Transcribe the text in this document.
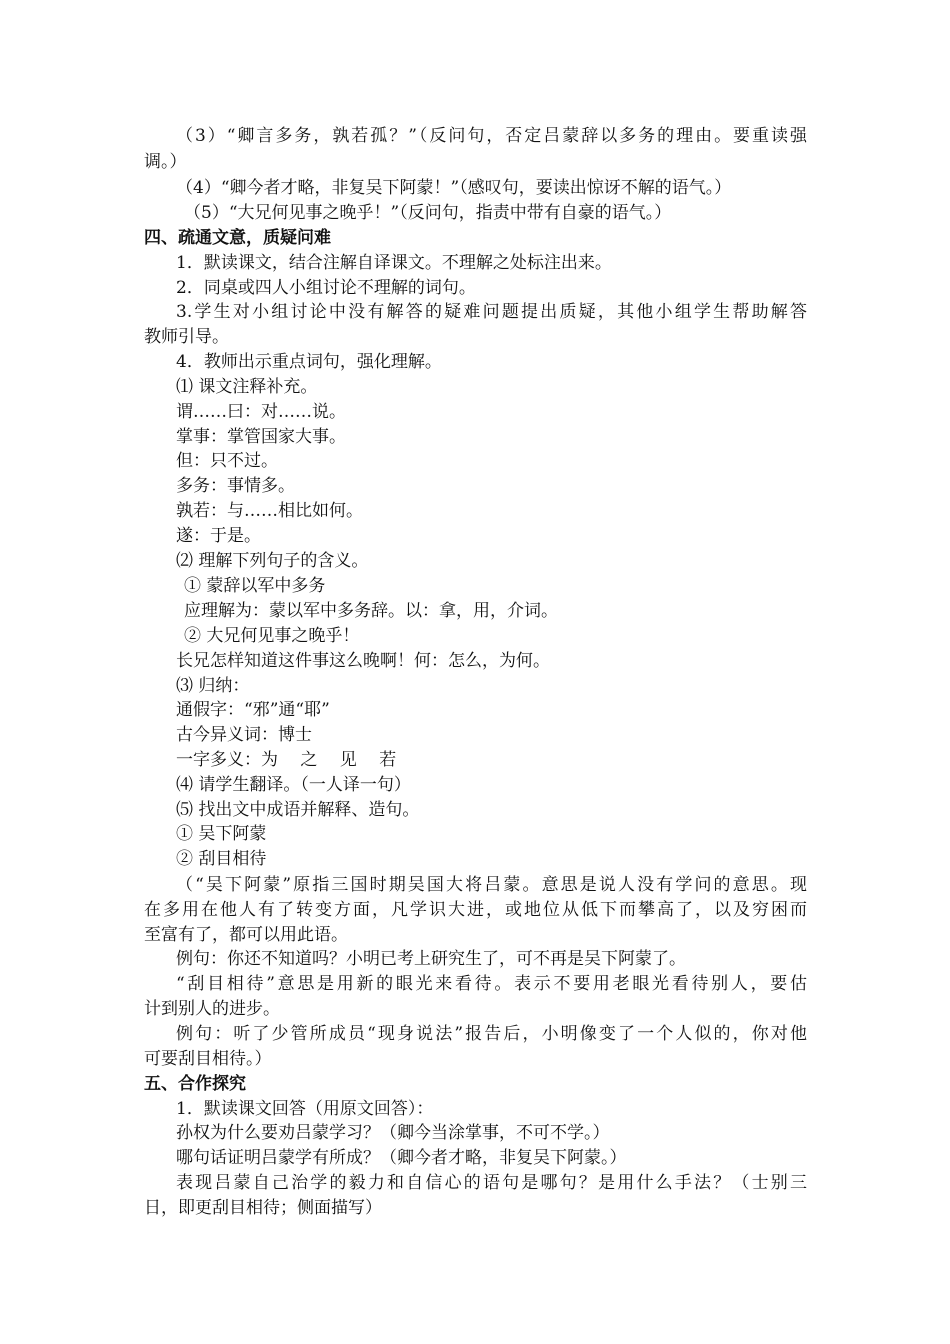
（3）“卿言多务，孰若孤？”（反问句，否定吕蒙辞以多务的理由。要重读强
调。）
（4）“卿今者才略，非复吴下阿蒙！”（感叹句，要读出惊讶不解的语气。）
（5）“大兄何见事之晚乎！”（反问句，指责中带有自豪的语气。）
四、疏通文意，质疑问难
1．默读课文，结合注解自译课文。不理解之处标注出来。
2．同桌或四人小组讨论不理解的词句。
3.学生对小组讨论中没有解答的疑难问题提出质疑，其他小组学生帮助解答
教师引导。
4．教师出示重点词句，强化理解。
⑴ 课文注释补充。
谓……曰：对……说。
掌事：掌管国家大事。
但：只不过。
多务：事情多。
孰若：与……相比如何。
遂：于是。
⑵ 理解下列句子的含义。
① 蒙辞以军中多务
应理解为：蒙以军中多务辞。以：拿，用，介词。
② 大兄何见事之晚乎！
长兄怎样知道这件事这么晚啊！何：怎么，为何。
⑶ 归纳：
通假字：“邪”通“耶”
古今异义词：博士
一字多义：为　 之　 见　 若
⑷ 请学生翻译。（一人译一句）
⑸ 找出文中成语并解释、造句。
① 吴下阿蒙
② 刮目相待
（“吴下阿蒙”原指三国时期吴国大将吕蒙。意思是说人没有学问的意思。现
在多用在他人有了转变方面，凡学识大进，或地位从低下而攀高了，以及穷困而
至富有了，都可以用此语。
例句：你还不知道吗？小明已考上研究生了，可不再是吴下阿蒙了。
“刮目相待”意思是用新的眼光来看待。表示不要用老眼光看待别人，要估
计到别人的进步。
例句：听了少管所成员“现身说法”报告后，小明像变了一个人似的，你对他
可要刮目相待。）
五、合作探究
1．默读课文回答（用原文回答）：
孙权为什么要劝吕蒙学习？（卿今当涂掌事，不可不学。）
哪句话证明吕蒙学有所成？（卿今者才略，非复吴下阿蒙。）
表现吕蒙自己治学的毅力和自信心的语句是哪句？是用什么手法？（士别三
日，即更刮目相待；侧面描写）
